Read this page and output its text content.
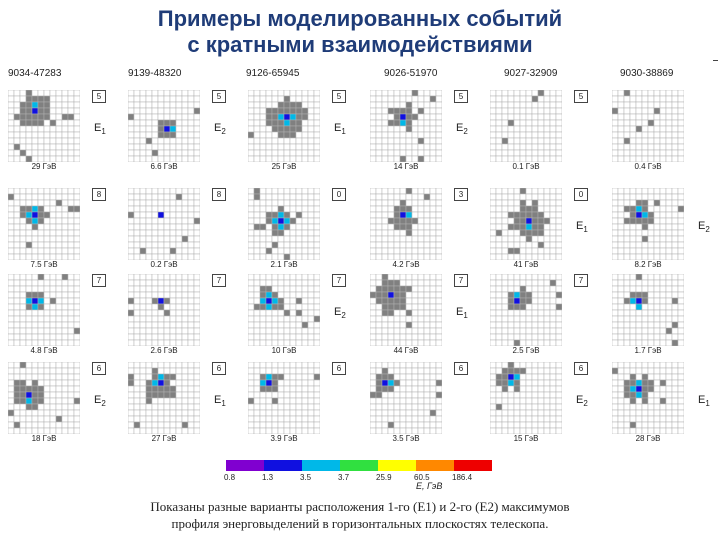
Примеры моделированных событий
с кратными взаимодействиями
9034-47283	9139-48320	9126-65945	9026-51970	9027-32909	9030-38869
5
$E_1$
29 ГэВ
5
$E_2$
6.6 ГэВ
5
$E_1$
25 ГэВ
5
$E_2$
14 ГэВ
5
0.1 ГэВ	0.4 ГэВ
8
7.5 ГэВ
8
0.2 ГэВ
0
2.1 ГэВ
3
4.2 ГэВ
0
$E_1$
41 ГэВ
$E_2$
8.2 ГэВ
7
4.8 ГэВ
7
2.6 ГэВ
7
$E_2$
10 ГэВ
7
$E_1$
44 ГэВ
7
2.5 ГэВ	1.7 ГэВ
6
$E_2$
18 ГэВ
6
$E_1$
27 ГэВ
6
3.9 ГэВ
6
3.5 ГэВ
6
$E_2$
15 ГэВ
$E_1$
28 ГэВ
0.8	1.3	3.5	3.7	25.9	60.5	186.4
E, ГэВ
Показаны разные варианты расположения 1-го (E1) и 2-го (E2) максимумов
профиля энерговыделений в горизонтальных плоскостях телескопа.
